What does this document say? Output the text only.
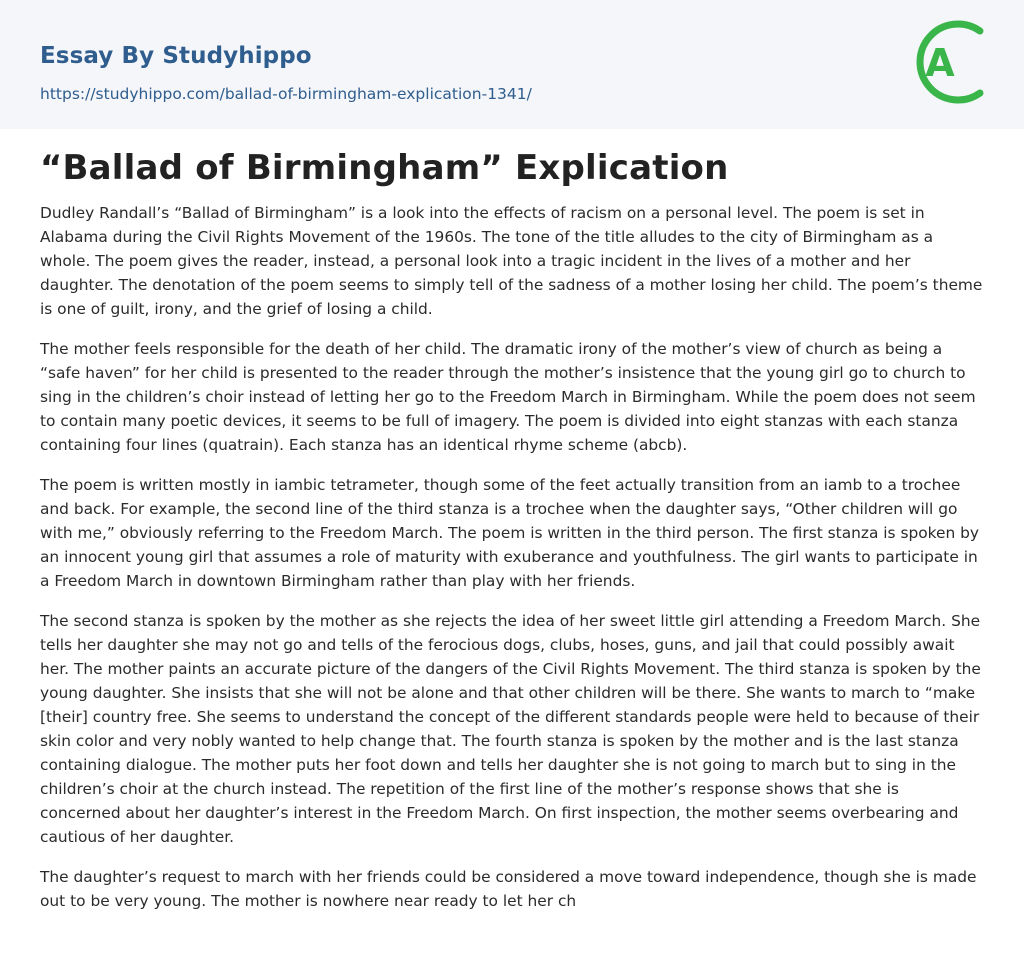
Essay By Studyhippo
https://studyhippo.com/ballad-of-birmingham-explication-1341/
A
“Ballad of Birmingham” Explication

Dudley Randall’s “Ballad of Birmingham” is a look into the effects of racism on a personal level. The poem is set in Alabama during the Civil Rights Movement of the 1960s. The tone of the title alludes to the city of Birmingham as a whole. The poem gives the reader, instead, a personal look into a tragic incident in the lives of a mother and her daughter. The denotation of the poem seems to simply tell of the sadness of a mother losing her child. The poem’s theme is one of guilt, irony, and the grief of losing a child.

The mother feels responsible for the death of her child. The dramatic irony of the mother’s view of church as being a “safe haven” for her child is presented to the reader through the mother’s insistence that the young girl go to church to sing in the children’s choir instead of letting her go to the Freedom March in Birmingham. While the poem does not seem to contain many poetic devices, it seems to be full of imagery. The poem is divided into eight stanzas with each stanza containing four lines (quatrain). Each stanza has an identical rhyme scheme (abcb).

The poem is written mostly in iambic tetrameter, though some of the feet actually transition from an iamb to a trochee and back. For example, the second line of the third stanza is a trochee when the daughter says, “Other children will go with me,” obviously referring to the Freedom March. The poem is written in the third person. The first stanza is spoken by an innocent young girl that assumes a role of maturity with exuberance and youthfulness. The girl wants to participate in a Freedom March in downtown Birmingham rather than play with her friends.

The second stanza is spoken by the mother as she rejects the idea of her sweet little girl attending a Freedom March. She tells her daughter she may not go and tells of the ferocious dogs, clubs, hoses, guns, and jail that could possibly await her. The mother paints an accurate picture of the dangers of the Civil Rights Movement. The third stanza is spoken by the young daughter. She insists that she will not be alone and that other children will be there. She wants to march to “make [their] country free. She seems to understand the concept of the different standards people were held to because of their skin color and very nobly wanted to help change that. The fourth stanza is spoken by the mother and is the last stanza containing dialogue. The mother puts her foot down and tells her daughter she is not going to march but to sing in the children’s choir at the church instead. The repetition of the first line of the mother’s response shows that she is concerned about her daughter’s interest in the Freedom March. On first inspection, the mother seems overbearing and cautious of her daughter.

The daughter’s request to march with her friends could be considered a move toward independence, though she is made out to be very young. The mother is nowhere near ready to let her ch
